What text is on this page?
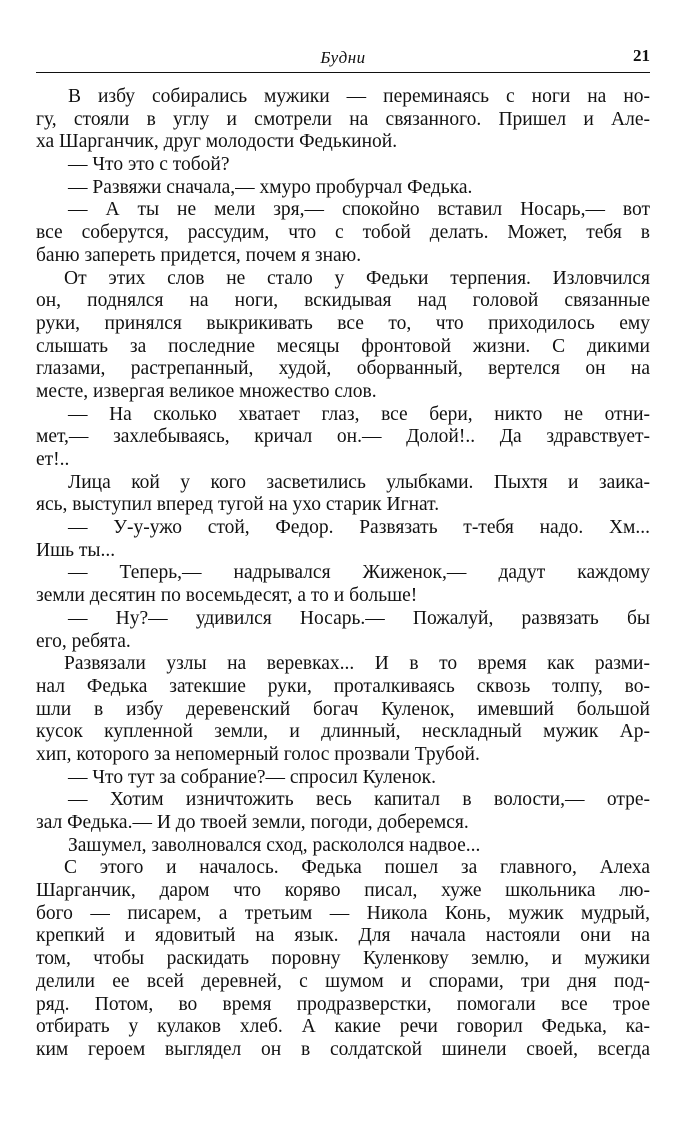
Будни	21
В избу собирались мужики — переминаясь с ноги на но-
гу, стояли в углу и смотрели на связанного. Пришел и Але-
ха Шарганчик, друг молодости Федькиной.
— Что это с тобой?
— Развяжи сначала,— хмуро пробурчал Федька.
— А ты не мели зря,— спокойно вставил Носарь,— вот
все соберутся, рассудим, что с тобой делать. Может, тебя в
баню запереть придется, почем я знаю.
От этих слов не стало у Федьки терпения. Изловчился
он, поднялся на ноги, вскидывая над головой связанные
руки, принялся выкрикивать все то, что приходилось ему
слышать за последние месяцы фронтовой жизни. С дикими
глазами, растрепанный, худой, оборванный, вертелся он на
месте, извергая великое множество слов.
— На сколько хватает глаз, все бери, никто не отни-
мет,— захлебываясь, кричал он.— Долой!.. Да здравствует-
ет!..
Лица кой у кого засветились улыбками. Пыхтя и заика-
ясь, выступил вперед тугой на ухо старик Игнат.
— У-у-ужо стой, Федор. Развязать т-тебя надо. Хм...
Ишь ты...
— Теперь,— надрывался Жиженок,— дадут каждому
земли десятин по восемьдесят, а то и больше!
— Ну?— удивился Носарь.— Пожалуй, развязать бы
его, ребята.
Развязали узлы на веревках... И в то время как разми-
нал Федька затекшие руки, проталкиваясь сквозь толпу, во-
шли в избу деревенский богач Куленок, имевший большой
кусок купленной земли, и длинный, нескладный мужик Ар-
хип, которого за непомерный голос прозвали Трубой.
— Что тут за собрание?— спросил Куленок.
— Хотим изничтожить весь капитал в волости,— отре-
зал Федька.— И до твоей земли, погоди, доберемся.
Зашумел, заволновался сход, раскололся надвое...
С этого и началось. Федька пошел за главного, Алеха
Шарганчик, даром что коряво писал, хуже школьника лю-
бого — писарем, а третьим — Никола Конь, мужик мудрый,
крепкий и ядовитый на язык. Для начала настояли они на
том, чтобы раскидать поровну Куленкову землю, и мужики
делили ее всей деревней, с шумом и спорами, три дня под-
ряд. Потом, во время продразверстки, помогали все трое
отбирать у кулаков хлеб. А какие речи говорил Федька, ка-
ким героем выглядел он в солдатской шинели своей, всегда
